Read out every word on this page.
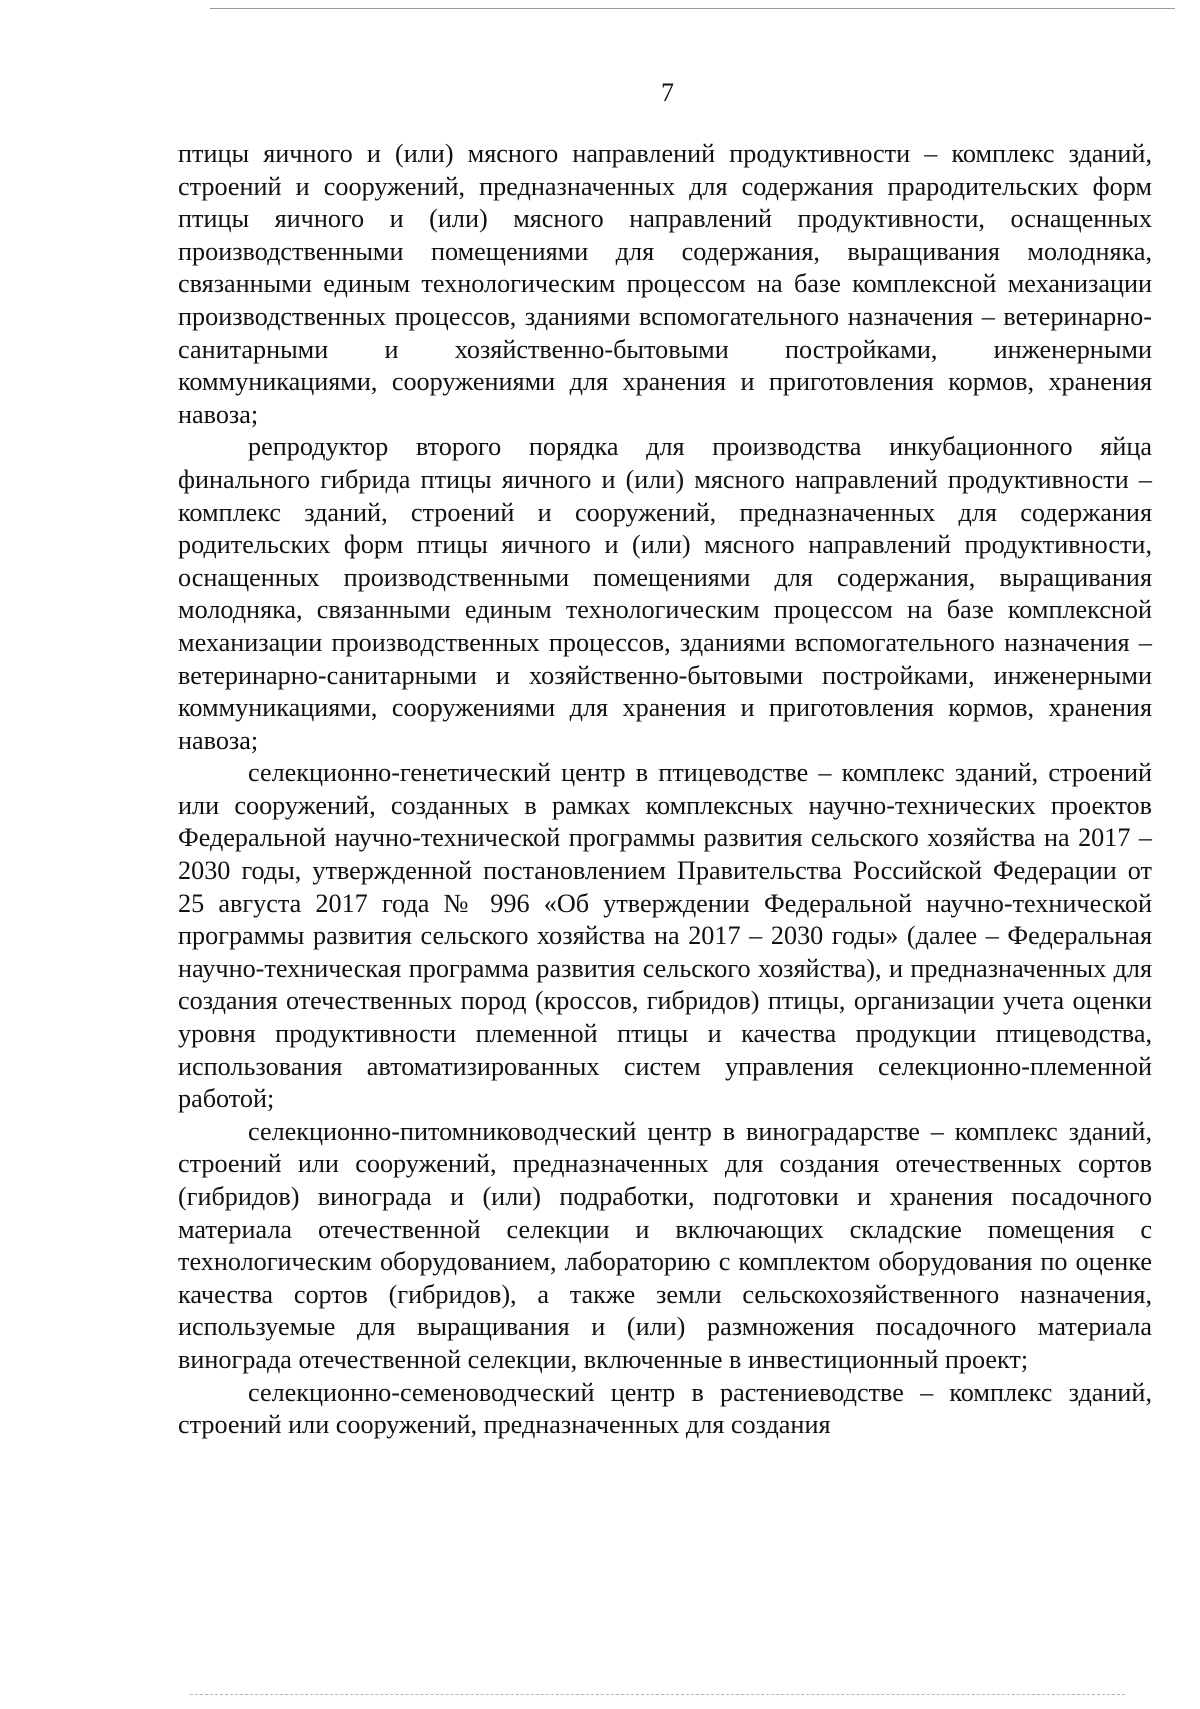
7

птицы яичного и (или) мясного направлений продуктивности – комплекс зданий, строений и сооружений, предназначенных для содержания прародительских форм птицы яичного и (или) мясного направлений продуктивности, оснащенных производственными помещениями для содержания, выращивания молодняка, связанными единым технологическим процессом на базе комплексной механизации производственных процессов, зданиями вспомогательного назначения – ветеринарно-санитарными и хозяйственно-бытовыми постройками, инженерными коммуникациями, сооружениями для хранения и приготовления кормов, хранения навоза;

репродуктор второго порядка для производства инкубационного яйца финального гибрида птицы яичного и (или) мясного направлений продуктивности – комплекс зданий, строений и сооружений, предназначенных для содержания родительских форм птицы яичного и (или) мясного направлений продуктивности, оснащенных производственными помещениями для содержания, выращивания молодняка, связанными единым технологическим процессом на базе комплексной механизации производственных процессов, зданиями вспомогательного назначения – ветеринарно-санитарными и хозяйственно-бытовыми постройками, инженерными коммуникациями, сооружениями для хранения и приготовления кормов, хранения навоза;

селекционно-генетический центр в птицеводстве – комплекс зданий, строений или сооружений, созданных в рамках комплексных научно-технических проектов Федеральной научно-технической программы развития сельского хозяйства на 2017 – 2030 годы, утвержденной постановлением Правительства Российской Федерации от 25 августа 2017 года № 996 «Об утверждении Федеральной научно-технической программы развития сельского хозяйства на 2017 – 2030 годы» (далее – Федеральная научно-техническая программа развития сельского хозяйства), и предназначенных для создания отечественных пород (кроссов, гибридов) птицы, организации учета оценки уровня продуктивности племенной птицы и качества продукции птицеводства, использования автоматизированных систем управления селекционно-племенной работой;

селекционно-питомниководческий центр в виноградарстве – комплекс зданий, строений или сооружений, предназначенных для создания отечественных сортов (гибридов) винограда и (или) подработки, подготовки и хранения посадочного материала отечественной селекции и включающих складские помещения с технологическим оборудованием, лабораторию с комплектом оборудования по оценке качества сортов (гибридов), а также земли сельскохозяйственного назначения, используемые для выращивания и (или) размножения посадочного материала винограда отечественной селекции, включенные в инвестиционный проект;

селекционно-семеноводческий центр в растениеводстве – комплекс зданий, строений или сооружений, предназначенных для создания
